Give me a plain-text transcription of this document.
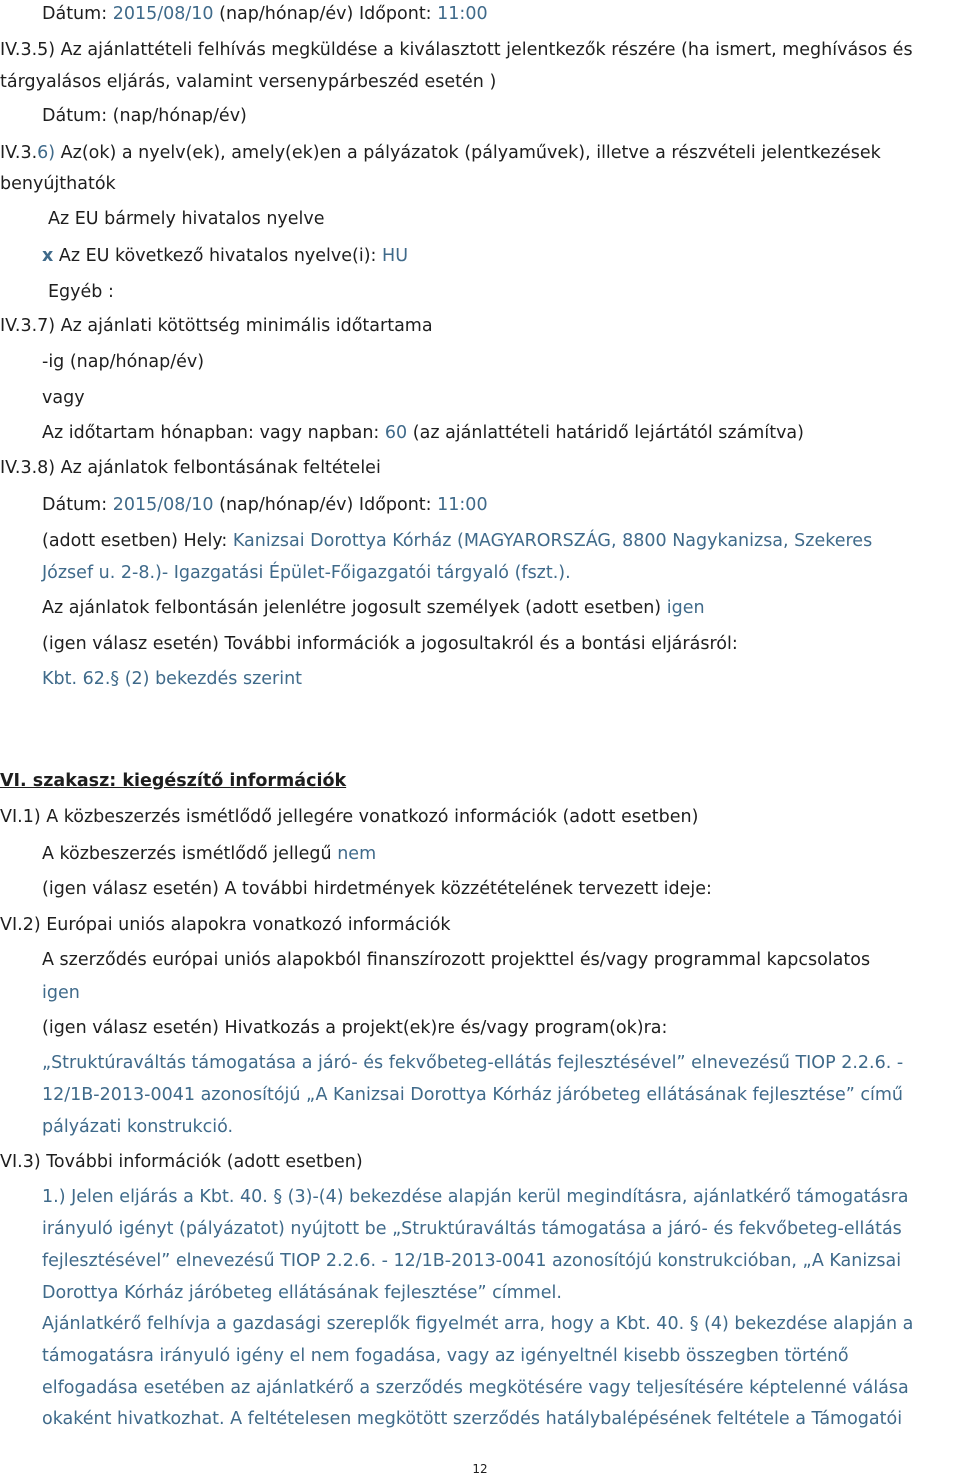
Dátum: 2015/08/10 (nap/hónap/év) Időpont: 11:00
IV.3.5) Az ajánlattételi felhívás megküldése a kiválasztott jelentkezők részére (ha ismert, meghívásos és
tárgyalásos eljárás, valamint versenypárbeszéd esetén )
Dátum: (nap/hónap/év)
IV.3.6) Az(ok) a nyelv(ek), amely(ek)en a pályázatok (pályaművek), illetve a részvételi jelentkezések
benyújthatók
Az EU bármely hivatalos nyelve
x Az EU következő hivatalos nyelve(i): HU
Egyéb :
IV.3.7) Az ajánlati kötöttség minimális időtartama
-ig (nap/hónap/év)
vagy
Az időtartam hónapban: vagy napban: 60 (az ajánlattételi határidő lejártától számítva)
IV.3.8) Az ajánlatok felbontásának feltételei
Dátum: 2015/08/10 (nap/hónap/év) Időpont: 11:00
(adott esetben) Hely: Kanizsai Dorottya Kórház (MAGYARORSZÁG, 8800 Nagykanizsa, Szekeres
József u. 2-8.)- Igazgatási Épület-Főigazgatói tárgyaló (fszt.).
Az ajánlatok felbontásán jelenlétre jogosult személyek (adott esetben) igen
(igen válasz esetén) További információk a jogosultakról és a bontási eljárásról:
Kbt. 62.§ (2) bekezdés szerint
VI. szakasz: kiegészítő információk
VI.1) A közbeszerzés ismétlődő jellegére vonatkozó információk (adott esetben)
A közbeszerzés ismétlődő jellegű nem
(igen válasz esetén) A további hirdetmények közzétételének tervezett ideje:
VI.2) Európai uniós alapokra vonatkozó információk
A szerződés európai uniós alapokból finanszírozott projekttel és/vagy programmal kapcsolatos
igen
(igen válasz esetén) Hivatkozás a projekt(ek)re és/vagy program(ok)ra:
„Struktúraváltás támogatása a járó- és fekvőbeteg-ellátás fejlesztésével” elnevezésű TIOP 2.2.6. -
12/1B-2013-0041 azonosítójú „A Kanizsai Dorottya Kórház járóbeteg ellátásának fejlesztése” című
pályázati konstrukció.
VI.3) További információk (adott esetben)
1.) Jelen eljárás a Kbt. 40. § (3)-(4) bekezdése alapján kerül megindításra, ajánlatkérő támogatásra
irányuló igényt (pályázatot) nyújtott be „Struktúraváltás támogatása a járó- és fekvőbeteg-ellátás
fejlesztésével” elnevezésű TIOP 2.2.6. - 12/1B-2013-0041 azonosítójú konstrukcióban, „A Kanizsai
Dorottya Kórház járóbeteg ellátásának fejlesztése” címmel.
Ajánlatkérő felhívja a gazdasági szereplők figyelmét arra, hogy a Kbt. 40. § (4) bekezdése alapján a
támogatásra irányuló igény el nem fogadása, vagy az igényeltnél kisebb összegben történő
elfogadása esetében az ajánlatkérő a szerződés megkötésére vagy teljesítésére képtelenné válása
okaként hivatkozhat. A feltételesen megkötött szerződés hatálybalépésének feltétele a Támogatói
12
